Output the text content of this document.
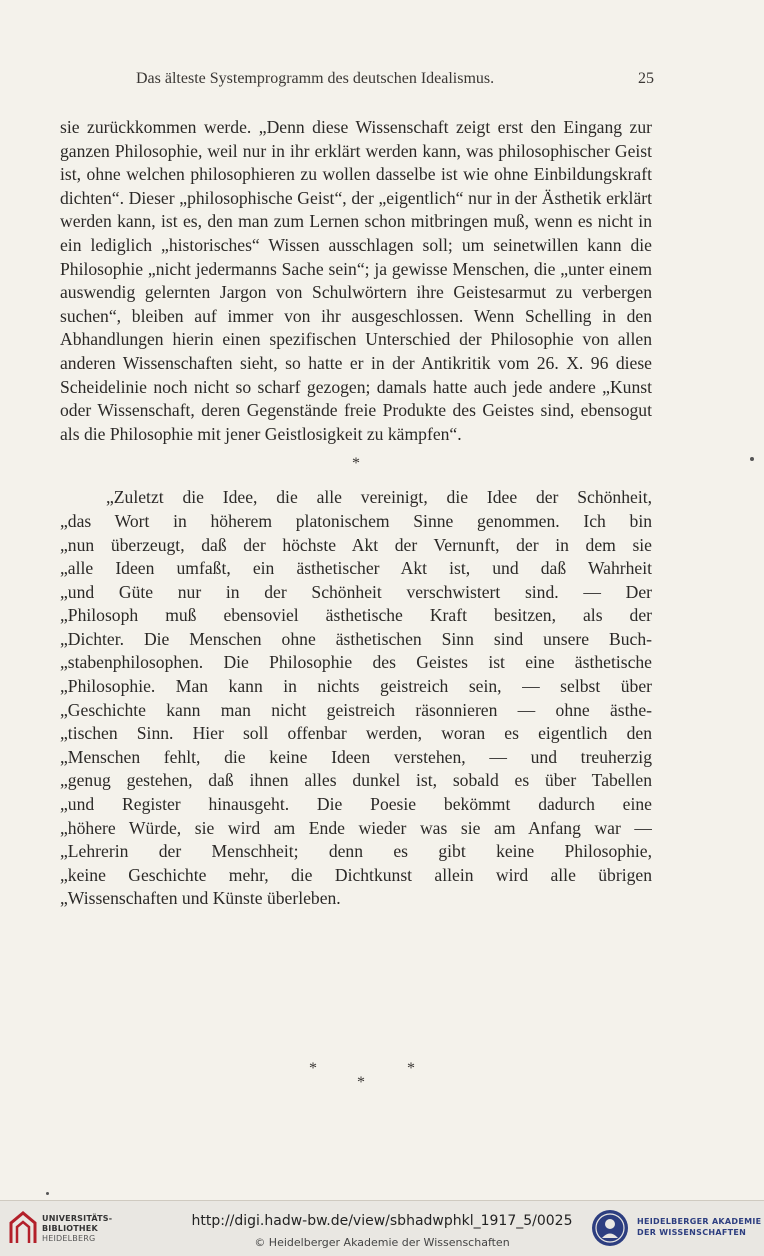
Das älteste Systemprogramm des deutschen Idealismus.	25

sie zurückkommen werde. „Denn diese Wissenschaft zeigt erst den Eingang zur ganzen Philosophie, weil nur in ihr erklärt werden kann, was philosophischer Geist ist, ohne welchen philosophieren zu wollen dasselbe ist wie ohne Einbildungskraft dichten“. Dieser „philosophische Geist“, der „eigentlich“ nur in der Ästhetik erklärt werden kann, ist es, den man zum Lernen schon mitbringen muß, wenn es nicht in ein lediglich „historisches“ Wissen ausschlagen soll; um seinetwillen kann die Philosophie „nicht jedermanns Sache sein“; ja gewisse Menschen, die „unter einem auswendig gelernten Jargon von Schulwörtern ihre Geistesarmut zu verbergen suchen“, bleiben auf immer von ihr ausgeschlossen. Wenn Schelling in den Abhandlungen hierin einen spezifischen Unterschied der Philosophie von allen anderen Wissenschaften sieht, so hatte er in der Antikritik vom 26. X. 96 diese Scheidelinie noch nicht so scharf gezogen; damals hatte auch jede andere „Kunst oder Wissenschaft, deren Gegenstände freie Produkte des Geistes sind, ebensogut als die Philosophie mit jener Geistlosigkeit zu kämpfen“.

*
„Zuletzt die Idee, die alle vereinigt, die Idee der Schönheit,
„das Wort in höherem platonischem Sinne genommen. Ich bin
„nun überzeugt, daß der höchste Akt der Vernunft, der in dem sie
„alle Ideen umfaßt, ein ästhetischer Akt ist, und daß Wahrheit
„und Güte nur in der Schönheit verschwistert sind. — Der
„Philosoph muß ebensoviel ästhetische Kraft besitzen, als der
„Dichter. Die Menschen ohne ästhetischen Sinn sind unsere Buch-
„stabenphilosophen. Die Philosophie des Geistes ist eine ästhetische
„Philosophie. Man kann in nichts geistreich sein, — selbst über
„Geschichte kann man nicht geistreich räsonnieren — ohne ästhe-
„tischen Sinn. Hier soll offenbar werden, woran es eigentlich den
„Menschen fehlt, die keine Ideen verstehen, — und treuherzig
„genug gestehen, daß ihnen alles dunkel ist, sobald es über Tabellen
„und Register hinausgeht. Die Poesie bekömmt dadurch eine
„höhere Würde, sie wird am Ende wieder was sie am Anfang war —
„Lehrerin der Menschheit; denn es gibt keine Philosophie,
„keine Geschichte mehr, die Dichtkunst allein wird alle übrigen
„Wissenschaften und Künste überleben.
*	*
*
UNIVERSITÄTS-
BIBLIOTHEK
HEIDELBERG
http://digi.hadw-bw.de/view/sbhadwphkl_1917_5/0025
© Heidelberger Akademie der Wissenschaften
HEIDELBERGER AKADEMIE
DER WISSENSCHAFTEN
